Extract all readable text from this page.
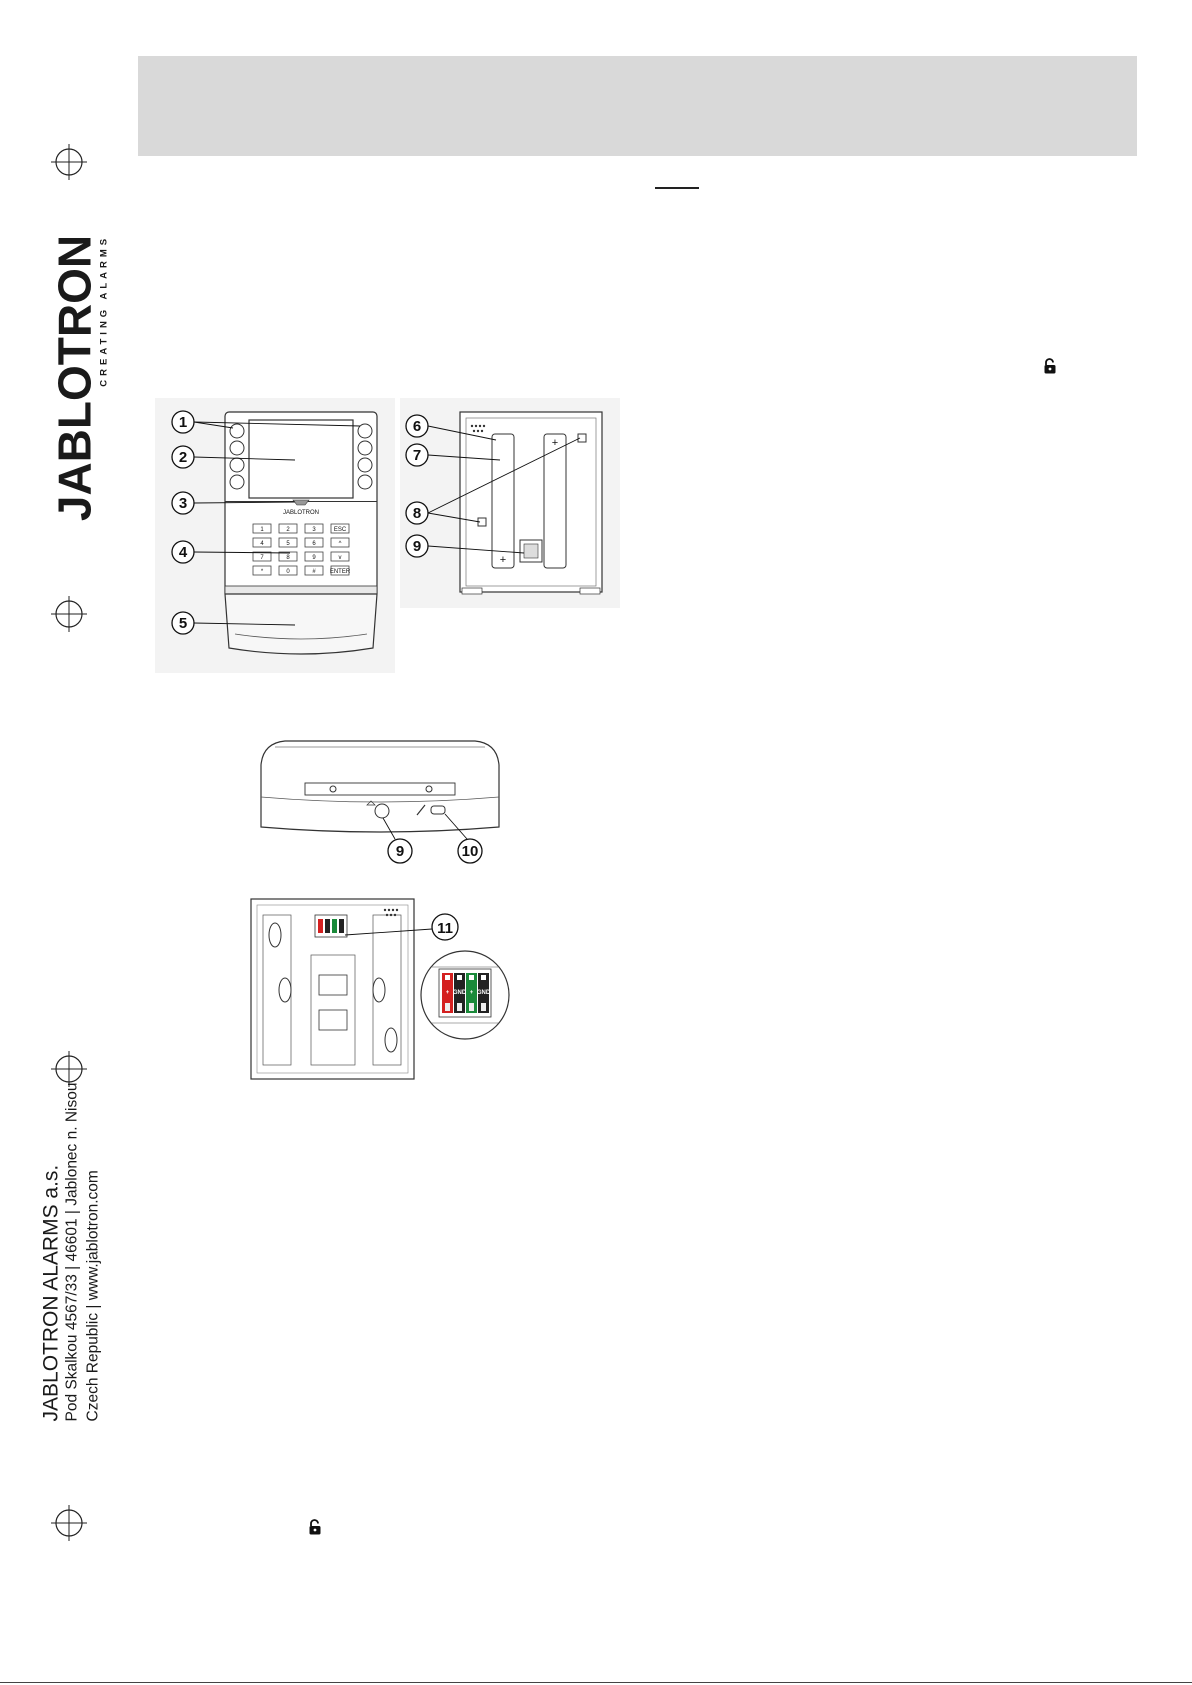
JABLOTRON
CREATING ALARMS
JABLOTRON ALARMS a.s. Pod Skalkou 4567/33 | 46601 | Jablonec n. Nisou Czech Republic | www.jablotron.com
JABLOTRON
1	2	3	ESC
4	5	6	^
7	8	9	v
*	0	# ENTER
1
2
3
4
5
+
+
6
7
8
9
9	10
+ GND + GND
11
